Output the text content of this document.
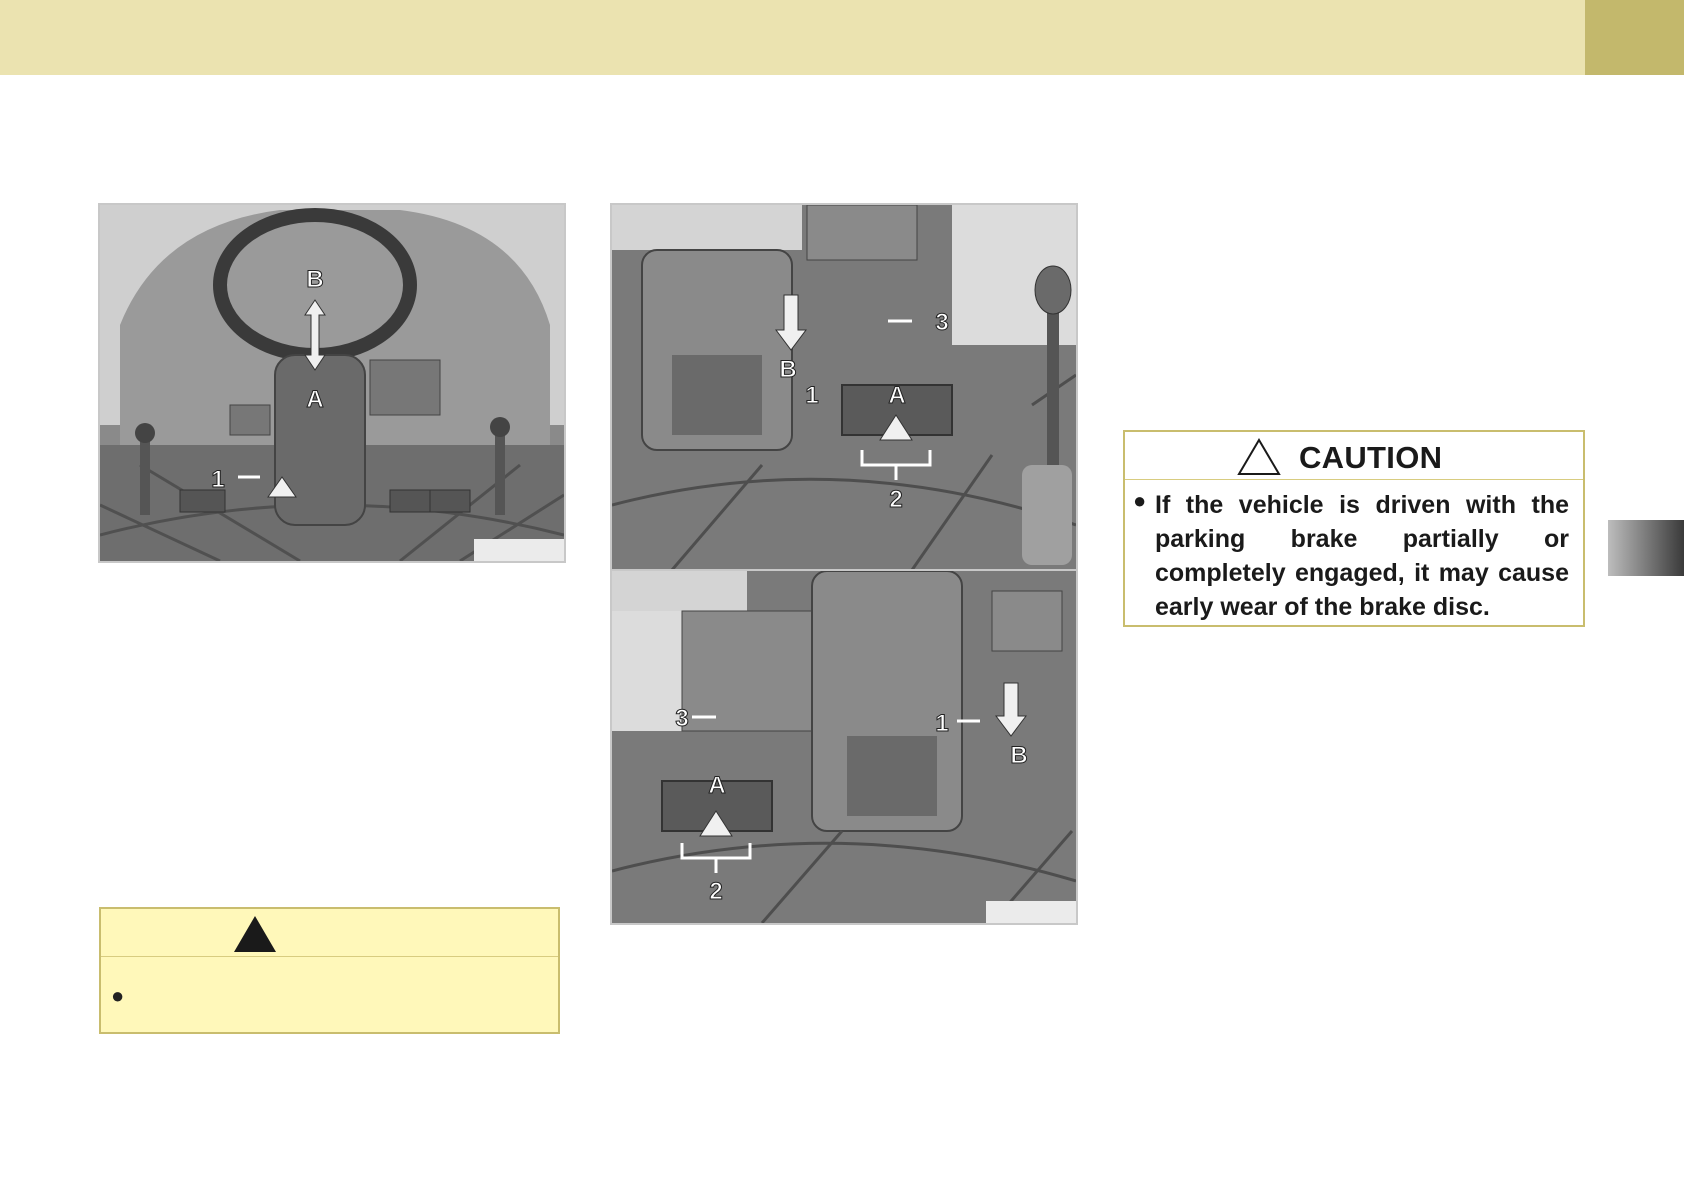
B
A
1
B
1
3
A
2
3
A
2
1
B
●
CAUTION
● If the vehicle is driven with the parking brake partially or completely engaged, it may cause early wear of the brake disc.
